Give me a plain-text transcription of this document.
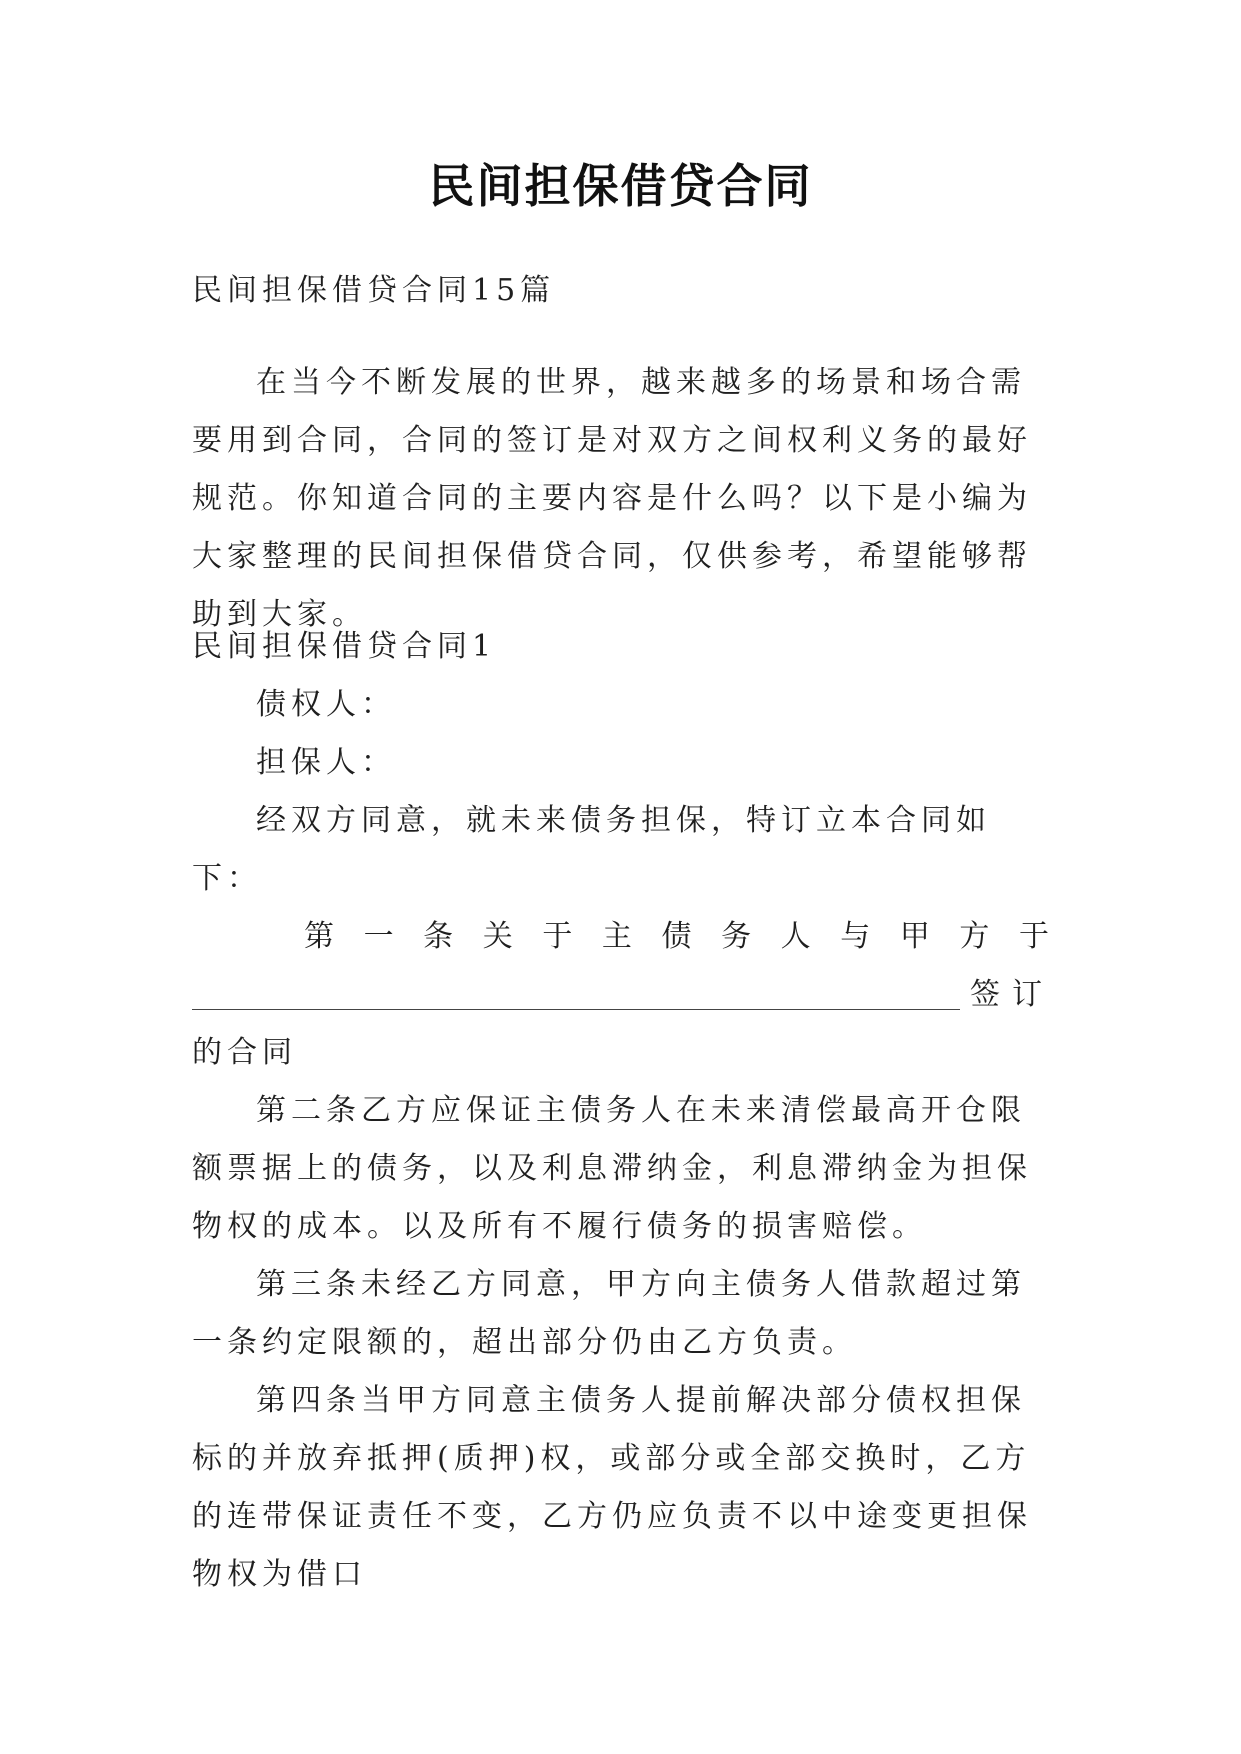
民间担保借贷合同

民间担保借贷合同15篇

在当今不断发展的世界，越来越多的场景和场合需要用到合同，合同的签订是对双方之间权利义务的最好规范。你知道合同的主要内容是什么吗？以下是小编为大家整理的民间担保借贷合同，仅供参考，希望能够帮助到大家。

民间担保借贷合同1

债权人：

担保人：

经双方同意，就未来债务担保，特订立本合同如下：

第一条关于主债务人与甲方于

签订

的合同

第二条乙方应保证主债务人在未来清偿最高开仓限额票据上的债务，以及利息滞纳金，利息滞纳金为担保物权的成本。以及所有不履行债务的损害赔偿。

第三条未经乙方同意，甲方向主债务人借款超过第一条约定限额的，超出部分仍由乙方负责。

第四条当甲方同意主债务人提前解决部分债权担保标的并放弃抵押(质押)权，或部分或全部交换时，乙方的连带保证责任不变，乙方仍应负责不以中途变更担保物权为借口
